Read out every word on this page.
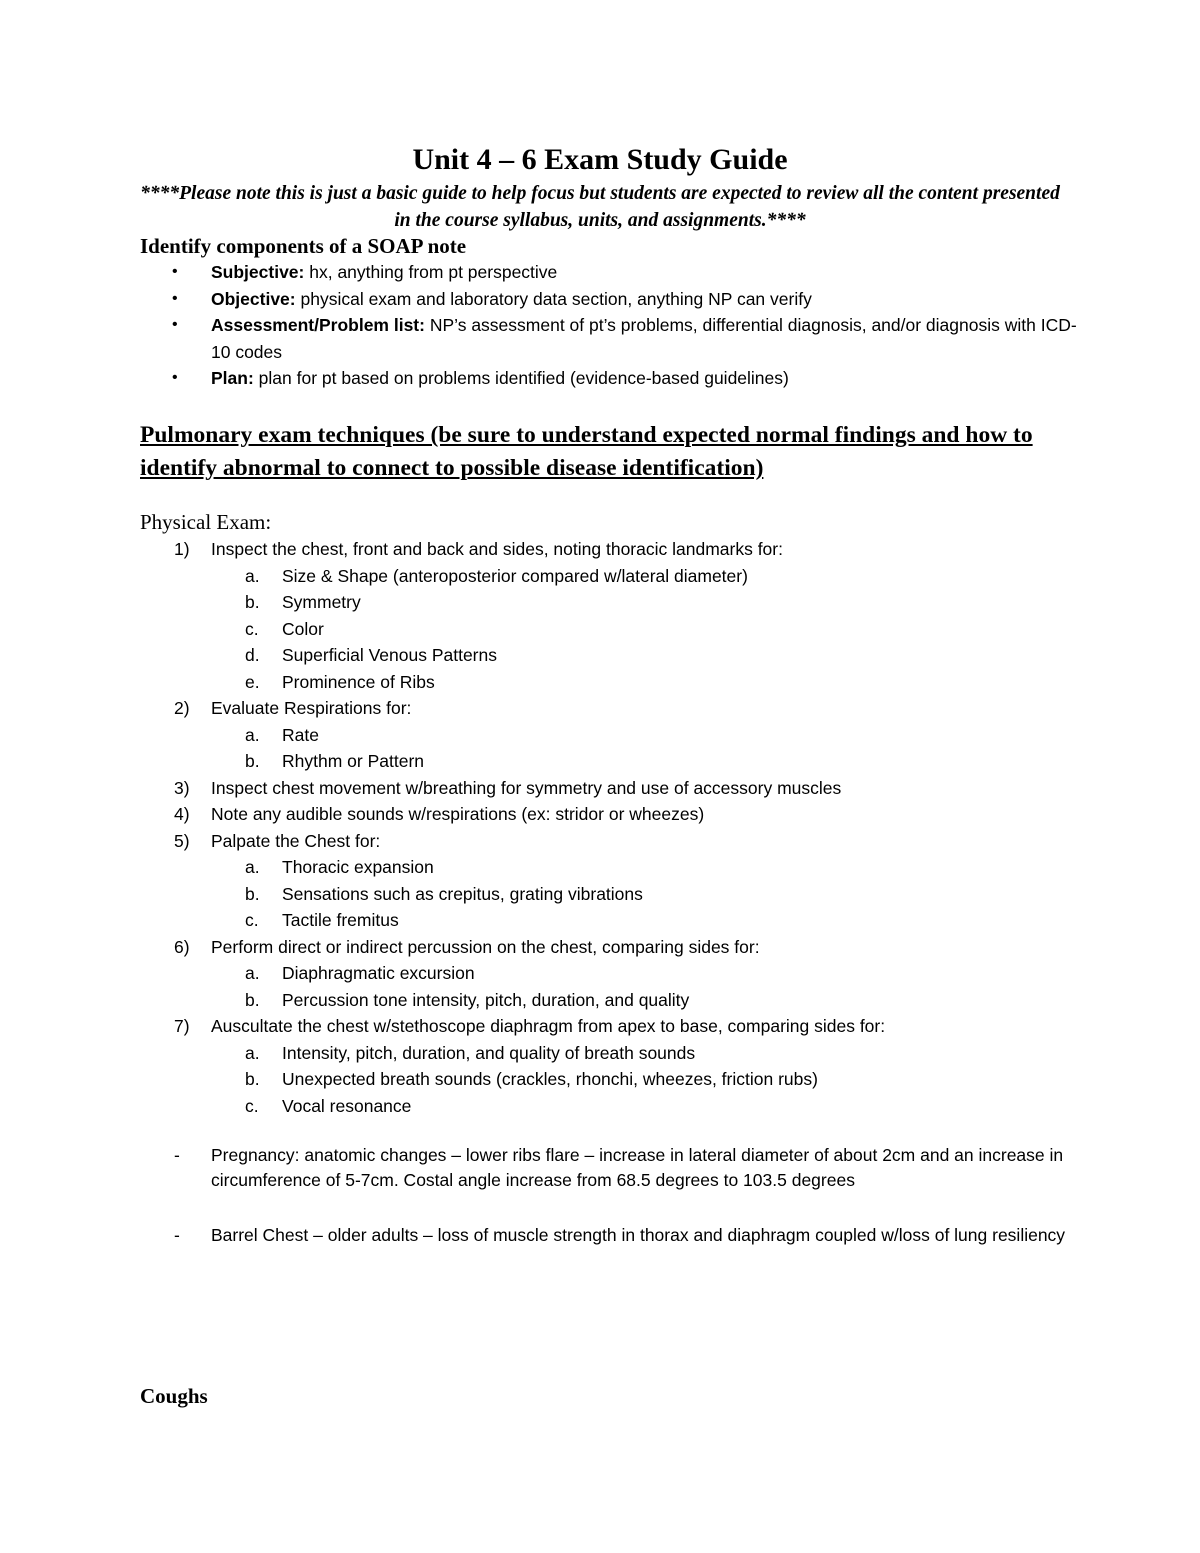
Unit 4 – 6 Exam Study Guide
****Please note this is just a basic guide to help focus but students are expected to review all the content presented in the course syllabus, units, and assignments.****
Identify components of a SOAP note
• Subjective: hx, anything from pt perspective
• Objective: physical exam and laboratory data section, anything NP can verify
• Assessment/Problem list: NP’s assessment of pt’s problems, differential diagnosis, and/or diagnosis with ICD-10 codes
• Plan: plan for pt based on problems identified (evidence-based guidelines)
Pulmonary exam techniques (be sure to understand expected normal findings and how to identify abnormal to connect to possible disease identification)
Physical Exam:
1) Inspect the chest, front and back and sides, noting thoracic landmarks for:
a. Size & Shape (anteroposterior compared w/lateral diameter)
b. Symmetry
c. Color
d. Superficial Venous Patterns
e. Prominence of Ribs
2) Evaluate Respirations for:
a. Rate
b. Rhythm or Pattern
3) Inspect chest movement w/breathing for symmetry and use of accessory muscles
4) Note any audible sounds w/respirations (ex: stridor or wheezes)
5) Palpate the Chest for:
a. Thoracic expansion
b. Sensations such as crepitus, grating vibrations
c. Tactile fremitus
6) Perform direct or indirect percussion on the chest, comparing sides for:
a. Diaphragmatic excursion
b. Percussion tone intensity, pitch, duration, and quality
7) Auscultate the chest w/stethoscope diaphragm from apex to base, comparing sides for:
a. Intensity, pitch, duration, and quality of breath sounds
b. Unexpected breath sounds (crackles, rhonchi, wheezes, friction rubs)
c. Vocal resonance
- Pregnancy: anatomic changes – lower ribs flare – increase in lateral diameter of about 2cm and an increase in circumference of 5-7cm. Costal angle increase from 68.5 degrees to 103.5 degrees
- Barrel Chest – older adults – loss of muscle strength in thorax and diaphragm coupled w/loss of lung resiliency
Coughs
